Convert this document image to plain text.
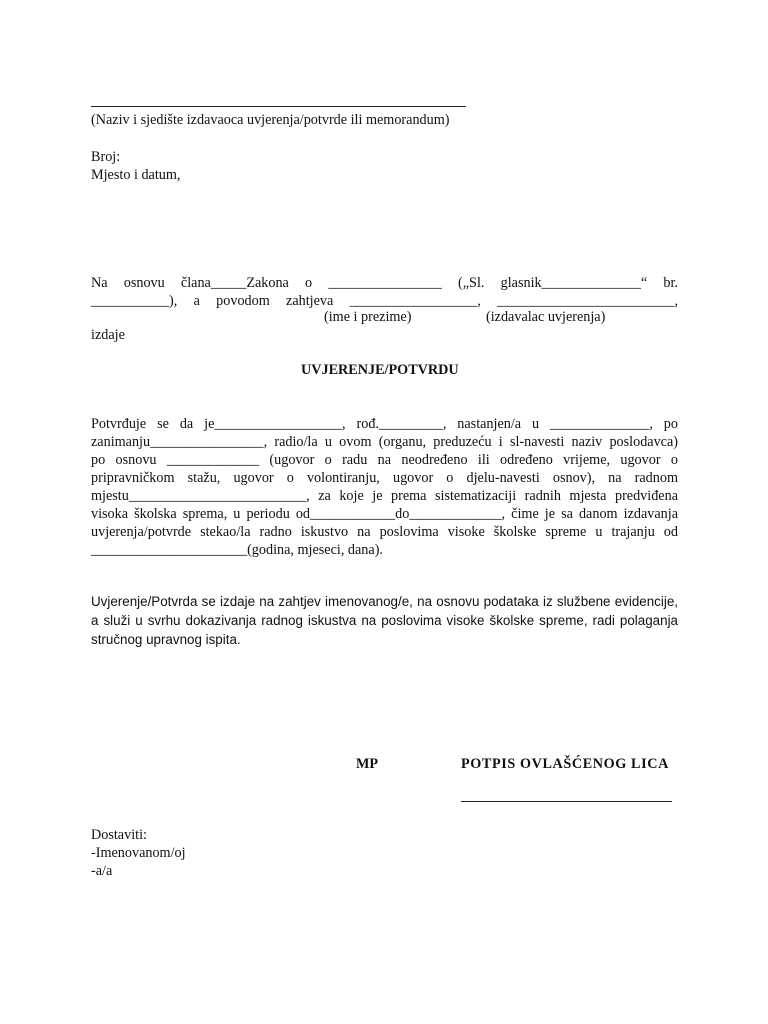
(Naziv i sjedište izdavaoca uvjerenja/potvrde ili memorandum)
Broj:
Mjesto i datum,
Na osnovu člana_____Zakona o ________________ („Sl. glasnik______________“ br.
___________), a povodom zahtjeva __________________, _________________________,
(ime i prezime)	(izdavalac uvjerenja)
izdaje
UVJERENJE/POTVRDU
Potvrđuje se da je__________________, rođ._________, nastanjen/a u ______________, po
zanimanju________________, radio/la u ovom (organu, preduzeću i sl-navesti naziv poslodavca)
po osnovu _____________ (ugovor o radu na neodređeno ili određeno vrijeme, ugovor o
pripravničkom stažu, ugovor o volontiranju, ugovor o djelu-navesti osnov), na radnom
mjestu_________________________, za koje je prema sistematizaciji radnih mjesta predviđena
visoka školska sprema, u periodu od____________do_____________, čime je sa danom izdavanja
uvjerenja/potvrde stekao/la radno iskustvo na poslovima visoke školske spreme u trajanju od
______________________(godina, mjeseci, dana).
Uvjerenje/Potvrda se izdaje na zahtjev imenovanog/e, na osnovu podataka iz službene evidencije,
a služi u svrhu dokazivanja radnog iskustva na poslovima visoke školske spreme, radi polaganja
stručnog upravnog ispita.
MP	POTPIS OVLAŠĆENOG LICA
Dostaviti:
-Imenovanom/oj
-a/a
